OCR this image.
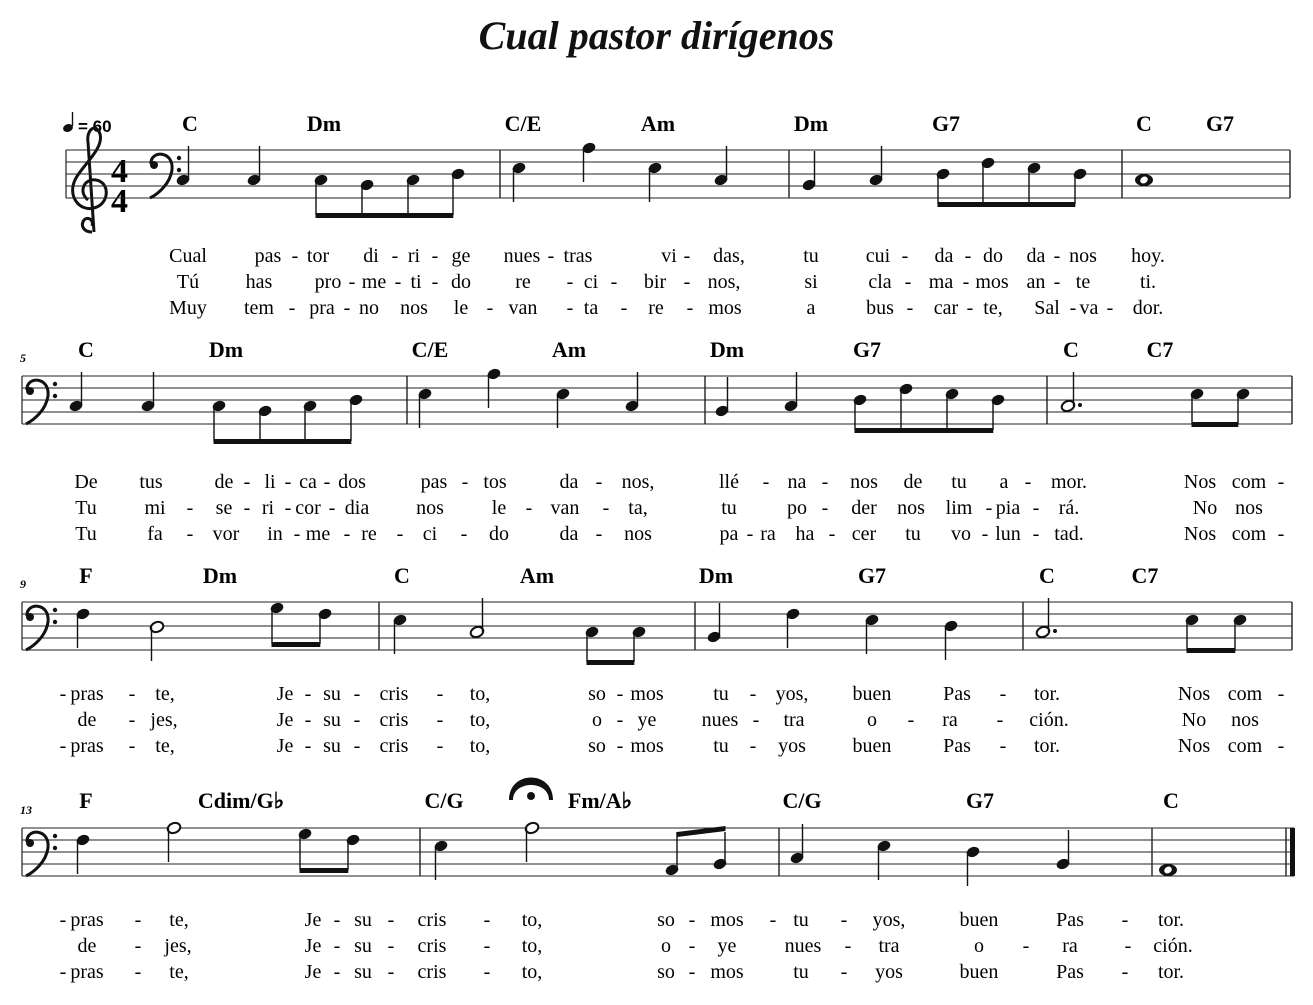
Cual pastor dirígenos
= 60
4
4
C	Dm	C/E	Am	Dm	G7	C G7
Cual pas - tor di - ri - ge nues - tras	vi - das,	tu cui - da - do da - nos hoy.
Tú has pro - me - ti - do re - ci - bir - nos,	si	cla - ma - mos an - te ti.
Muy tem - pra - no nos le - van - ta - re - mos	a	bus - car - te, Sal - va - dor.
5 C	Dm	C/E	Am	Dm	G7	C	C7
De tus	de - li - ca - dos	pas - tos	da - nos,	llé - na - nos de tu a - mor.	Nos com -
Tu mi - se - ri - cor - dia nos le - van - ta,	tu	po - der nos lim - pia - rá.	No nos
Tu	fa - vor in - me - re - ci - do	da - nos	pa - ra ha - cer tu vo - lun - tad.	Nos com -
9 F	Dm	C	Am	Dm	G7	C	C7
- pras - te,	Je - su - cris - to,	so - mos tu - yos, buen	Pas - tor.	Nos com -
de - jes,	Je - su - cris - to,	o - ye nues - tra	o - ra - ción.	No nos
- pras - te,	Je - su - cris - to,	so - mos tu - yos buen	Pas - tor.	Nos com -
13 F	Cdim/G♭	C/G	Fm/A♭	C/G	G7	C
- pras - te,	Je - su - cris - to,	so - mos - tu - yos,	buen	Pas - tor.
de - jes,	Je - su - cris - to,	o - ye nues - tra	o - ra - ción.
- pras - te,	Je - su - cris - to,	so - mos tu - yos	buen	Pas - tor.
